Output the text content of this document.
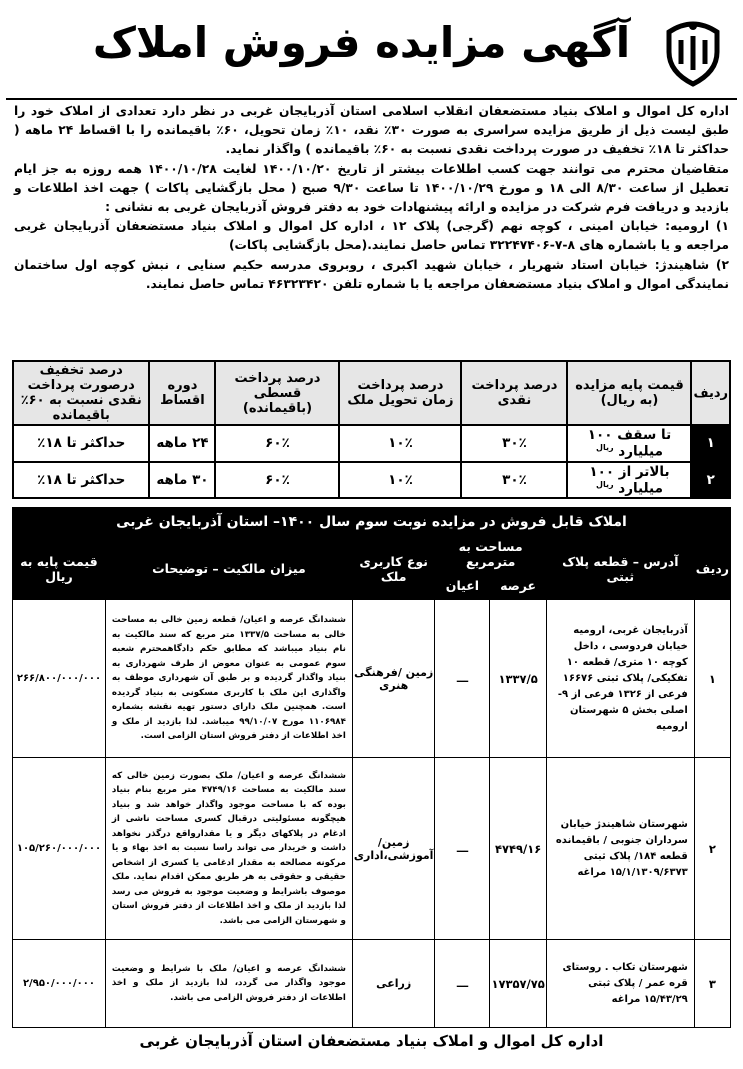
آگهی مزایده فروش املاک

اداره کل اموال و املاک بنیاد مستضعفان انقلاب اسلامی استان آذربایجان غربی در نظر دارد تعدادی از املاک خود را طبق لیست ذیل از طریق مزایده سراسری به صورت ۳۰٪ نقد، ۱۰٪ زمان تحویل، ۶۰٪ باقیمانده را با اقساط ۲۴ ماهه ( حداکثر تا ۱۸٪ تخفیف در صورت پرداخت نقدی نسبت به ۶۰٪ باقیمانده ) واگذار نماید.

متقاضیان محترم می توانند جهت کسب اطلاعات بیشتر از تاریخ ۱۴۰۰/۱۰/۲۰ لغایت ۱۴۰۰/۱۰/۲۸ همه روزه به جز ایام تعطیل از ساعت ۸/۳۰ الی ۱۸ و مورخ ۱۴۰۰/۱۰/۲۹ تا ساعت ۹/۳۰ صبح ( محل بازگشایی پاکات ) جهت اخذ اطلاعات و بازدید و دریافت فرم شرکت در مزایده و ارائه پیشنهادات خود به دفتر فروش آذربایجان غربی به نشانی :

۱) ارومیه: خیابان امینی ، کوچه نهم (گرجی) پلاک ۱۲ ، اداره کل اموال و املاک بنیاد مستضعفان آذربایجان غربی مراجعه و یا باشماره های ۸-۷-۳۲۲۴۷۴۰۶ تماس حاصل نمایند.(محل بازگشایی پاکات)

۲) شاهیندژ: خیابان استاد شهریار ، خیابان شهید اکبری ، روبروی مدرسه حکیم سنایی ، نبش کوچه اول ساختمان نمایندگی اموال و املاک بنیاد مستضعفان مراجعه یا با شماره تلفن ۴۶۳۲۳۴۲۰ تماس حاصل نمایند.

ردیف	قیمت پایه مزایده (به ریال)	درصد پرداخت نقدی	درصد پرداخت زمان تحویل ملک	درصد پرداخت قسطی (باقیمانده)	دوره اقساط	درصد تخفیف درصورت پرداخت نقدی نسبت به ۶۰٪ باقیمانده
۱	تا سقف ۱۰۰ میلیارد $^{ریال}$	۳۰٪	۱۰٪	۶۰٪	۲۴ ماهه	حداکثر تا ۱۸٪
۲	بالاتر از ۱۰۰ میلیارد $^{ریال}$	۳۰٪	۱۰٪	۶۰٪	۳۰ ماهه	حداکثر تا ۱۸٪
املاک قابل فروش در مزایده نوبت سوم سال ۱۴۰۰– استان آذربایجان غربی
ردیف	آدرس – قطعه پلاک ثبتی	مساحت به مترمربع		نوع کاربری ملک	میزان مالکیت – توضیحات	قیمت پایه به ریال
		عرصه	اعیان			
۱	آذربایجان غربی، ارومیه خیابان فردوسی ، داخل کوچه ۱۰ متری/ قطعه ۱۰ تفکیکی/ پلاک ثبتی ۱۶۶۷۶ فرعی از ۱۳۲۶ فرعی از ۹- اصلی بخش ۵ شهرستان ارومیه	۱۳۳۷/۵	ـــ	زمین /فرهنگی هنری	ششدانگ عرصه و اعیان/ قطعه زمین خالی به مساحت خالی به مساحت ۱۳۳۷/۵ متر مربع که سند مالکیت به نام بنیاد میباشد که مطابق حکم دادگاهمحترم شعبه سوم عمومی به عنوان معوض از طرف شهرداری به بنیاد واگذار گردیده و بر طبق آن شهرداری موظف به واگذاری این ملک با کاربری مسکونی به بنیاد گردیده است. همچنین ملک دارای دستور تهیه نقشه بشماره ۱۱۰۶۹۸۴ مورخ ۹۹/۱۰/۰۷ میباشد. لذا بازدید از ملک و اخذ اطلاعات از دفتر فروش استان الزامی است.	۲۶۶/۸۰۰/۰۰۰/۰۰۰
۲	شهرستان شاهیندژ خیابان سرداران جنوبی / باقیمانده قطعه ۱۸۴/ پلاک ثبتی ۱۵/۱/۱۳۰۹/۶۳۷۳ مراغه	۴۷۴۹/۱۶	ـــ	زمین/ آموزشی،اداری	ششدانگ عرصه و اعیان/ ملک بصورت زمین خالی که سند مالکیت به مساحت ۴۷۴۹/۱۶ متر مربع بنام بنیاد بوده که با مساحت موجود واگذار خواهد شد و بنیاد هیچگونه مسئولیتی درقبال کسری مساحت ناشی از ادغام در پلاکهای دیگر و یا مقدارواقع درگذر نخواهد داشت و خریدار می تواند راسا نسبت به اخذ بهاء و یا مرکونه مصالحه به مقدار ادغامی یا کسری از اشخاص حقیقی و حقوقی به هر طریق ممکن اقدام نماید. ملک موصوف باشرایط و وضعیت موجود به فروش می رسد لذا بازدید از ملک و اخذ اطلاعات از دفتر فروش استان و شهرستان الزامی می باشد.	۱۰۵/۲۶۰/۰۰۰/۰۰۰
۳	شهرستان تکاب . روستای قره عمر / پلاک ثبتی ۱۵/۴۳/۲۹ مراغه	۱۷۳۵۷/۷۵	ـــ	زراعی	ششدانگ عرصه و اعیان/ ملک با شرایط و وضعیت موجود واگذار می گردد، لذا بازدید از ملک و اخذ اطلاعات از دفتر فروش الزامی می باشد.	۲/۹۵۰/۰۰۰/۰۰۰
اداره کل اموال و املاک بنیاد مستضعفان استان آذربایجان غربی
